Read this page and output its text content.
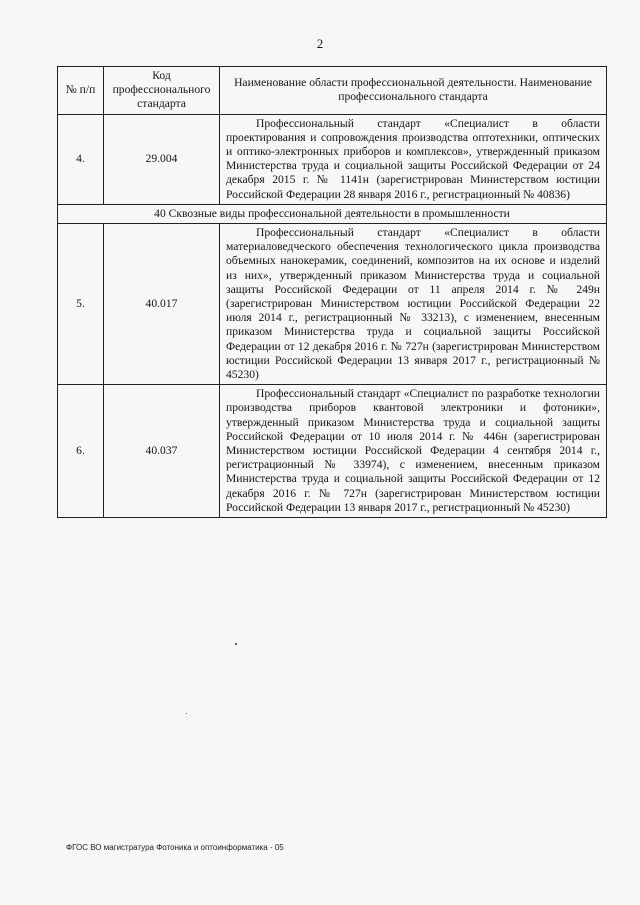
2
№ п/п	Код профессионального стандарта	Наименование области профессиональной деятельности. Наименование профессионального стандарта
4.	29.004	Профессиональный стандарт «Специалист в области проектирования и сопровождения производства оптотехники, оптических и оптико-электронных приборов и комплексов», утвержденный приказом Министерства труда и социальной защиты Российской Федерации от 24 декабря 2015 г. № 1141н (зарегистрирован Министерством юстиции Российской Федерации 28 января 2016 г., регистрационный № 40836)
40 Сквозные виды профессиональной деятельности в промышленности		
5.	40.017	Профессиональный стандарт «Специалист в области материаловедческого обеспечения технологического цикла производства объемных нанокерамик, соединений, композитов на их основе и изделий из них», утвержденный приказом Министерства труда и социальной защиты Российской Федерации от 11 апреля 2014 г. № 249н (зарегистрирован Министерством юстиции Российской Федерации 22 июля 2014 г., регистрационный № 33213), с изменением, внесенным приказом Министерства труда и социальной защиты Российской Федерации от 12 декабря 2016 г. № 727н (зарегистрирован Министерством юстиции Российской Федерации 13 января 2017 г., регистрационный № 45230)
6.	40.037	Профессиональный стандарт «Специалист по разработке технологии производства приборов квантовой электроники и фотоники», утвержденный приказом Министерства труда и социальной защиты Российской Федерации от 10 июля 2014 г. № 446н (зарегистрирован Министерством юстиции Российской Федерации 4 сентября 2014 г., регистрационный № 33974), с изменением, внесенным приказом Министерства труда и социальной защиты Российской Федерации от 12 декабря 2016 г. № 727н (зарегистрирован Министерством юстиции Российской Федерации 13 января 2017 г., регистрационный № 45230)
ФГОС ВО магистратура Фотоника и оптоинформатика - 05
